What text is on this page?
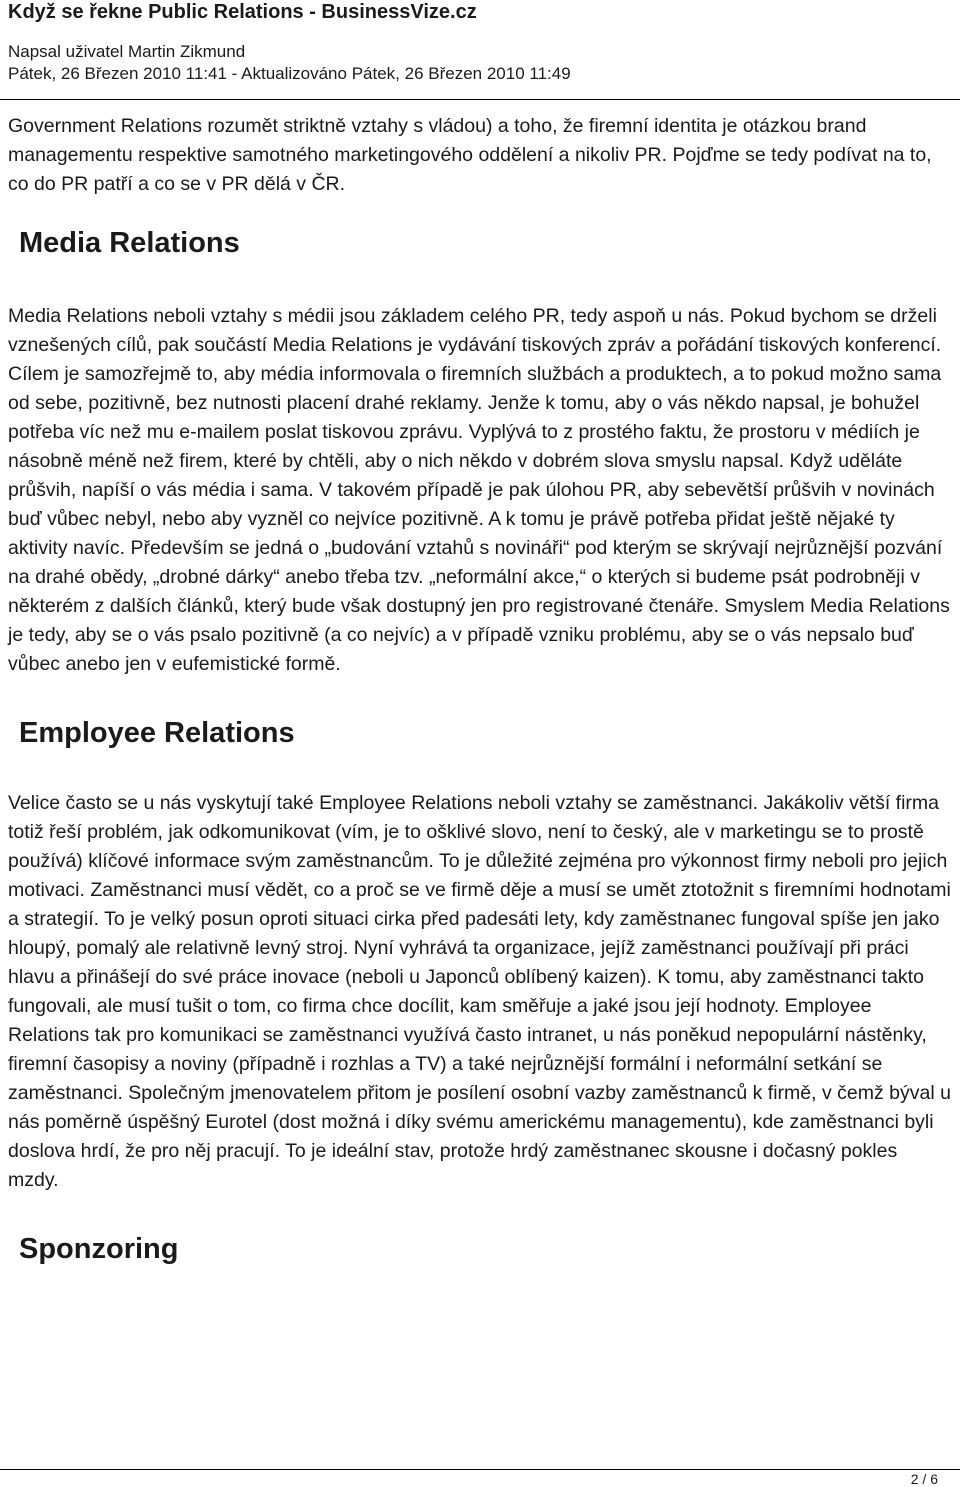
Když se řekne Public Relations - BusinessVize.cz
Napsal uživatel Martin Zikmund
Pátek, 26 Březen 2010 11:41 - Aktualizováno Pátek, 26 Březen 2010 11:49

Government Relations rozumět striktně vztahy s vládou) a toho, že firemní identita je otázkou brand managementu respektive samotného marketingového oddělení a nikoliv PR. Pojďme se tedy podívat na to, co do PR patří a co se v PR dělá v ČR.

Media Relations

Media Relations neboli vztahy s médii jsou základem celého PR, tedy aspoň u nás. Pokud bychom se drželi vznešených cílů, pak součástí Media Relations je vydávání tiskových zpráv a pořádání tiskových konferencí. Cílem je samozřejmě to, aby média informovala o firemních službách a produktech, a to pokud možno sama od sebe, pozitivně, bez nutnosti placení drahé reklamy. Jenže k tomu, aby o vás někdo napsal, je bohužel potřeba víc než mu e-mailem poslat tiskovou zprávu. Vyplývá to z prostého faktu, že prostoru v médiích je násobně méně než firem, které by chtěli, aby o nich někdo v dobrém slova smyslu napsal. Když uděláte průšvih, napíší o vás média i sama. V takovém případě je pak úlohou PR, aby sebevětší průšvih v novinách buď vůbec nebyl, nebo aby vyzněl co nejvíce pozitivně. A k tomu je právě potřeba přidat ještě nějaké ty aktivity navíc. Především se jedná o „budování vztahů s novináři“ pod kterým se skrývají nejrůznější pozvání na drahé obědy, „drobné dárky“ anebo třeba tzv. „neformální akce,“ o kterých si budeme psát podrobněji v některém z dalších článků, který bude však dostupný jen pro registrované čtenáře. Smyslem Media Relations je tedy, aby se o vás psalo pozitivně (a co nejvíc) a v případě vzniku problému, aby se o vás nepsalo buď vůbec anebo jen v eufemistické formě.

Employee Relations

Velice často se u nás vyskytují také Employee Relations neboli vztahy se zaměstnanci. Jakákoliv větší firma totiž řeší problém, jak odkomunikovat (vím, je to ošklivé slovo, není to český, ale v marketingu se to prostě používá) klíčové informace svým zaměstnancům. To je důležité zejména pro výkonnost firmy neboli pro jejich motivaci. Zaměstnanci musí vědět, co a proč se ve firmě děje a musí se umět ztotožnit s firemními hodnotami a strategií. To je velký posun oproti situaci cirka před padesáti lety, kdy zaměstnanec fungoval spíše jen jako hloupý, pomalý ale relativně levný stroj. Nyní vyhrává ta organizace, jejíž zaměstnanci používají při práci hlavu a přinášejí do své práce inovace (neboli u Japonců oblíbený kaizen). K tomu, aby zaměstnanci takto fungovali, ale musí tušit o tom, co firma chce docílit, kam směřuje a jaké jsou její hodnoty. Employee Relations tak pro komunikaci se zaměstnanci využívá často intranet, u nás poněkud nepopulární nástěnky, firemní časopisy a noviny (případně i rozhlas a TV) a také nejrůznější formální i neformální setkání se zaměstnanci. Společným jmenovatelem přitom je posílení osobní vazby zaměstnanců k firmě, v čemž býval u nás poměrně úspěšný Eurotel (dost možná i díky svému americkému managementu), kde zaměstnanci byli doslova hrdí, že pro něj pracují. To je ideální stav, protože hrdý zaměstnanec skousne i dočasný pokles mzdy.

Sponzoring
2 / 6
